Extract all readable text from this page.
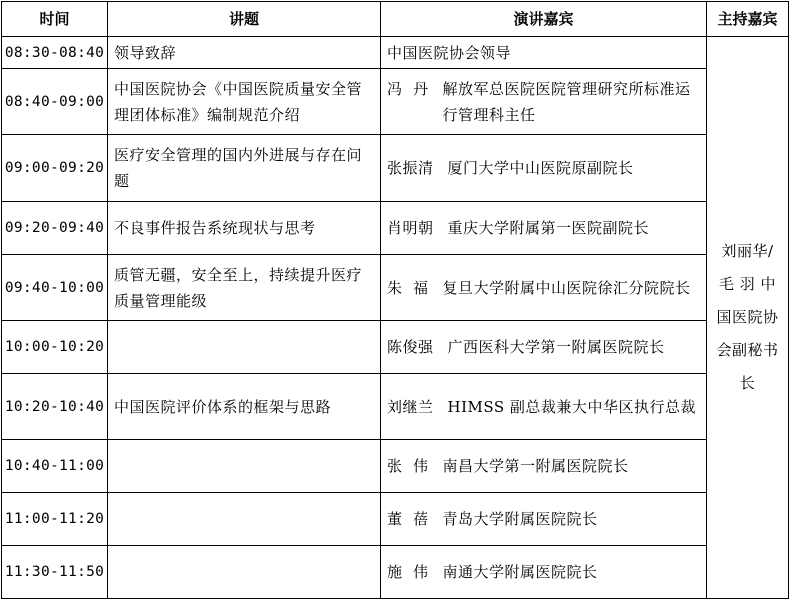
时间	讲题	演讲嘉宾	主持嘉宾
08:30-08:40	领导致辞	中国医院协会领导	刘丽华/
毛 羽 中
国医院协
会副秘书
长

08:40-09:00	中国医院协会《中国医院质量安全管理团体标准》编制规范介绍	冯  丹 解放军总医院医院管理研究所标准运行管理科主任	

09:00-09:20	医疗安全管理的国内外进展与存在问题	张振清 厦门大学中山医院原副院长	

09:20-09:40	不良事件报告系统现状与思考	肖明朝 重庆大学附属第一医院副院长	

09:40-10:00	质管无疆，安全至上，持续提升医疗质量管理能级	朱  福 复旦大学附属中山医院徐汇分院院长	

10:00-10:20		陈俊强 广西医科大学第一附属医院院长	

10:20-10:40	中国医院评价体系的框架与思路	刘继兰 HIMSS 副总裁兼大中华区执行总裁	

10:40-11:00		张  伟 南昌大学第一附属医院院长	

11:00-11:20		董  蓓 青岛大学附属医院院长	

11:30-11:50		施  伟 南通大学附属医院院长	
